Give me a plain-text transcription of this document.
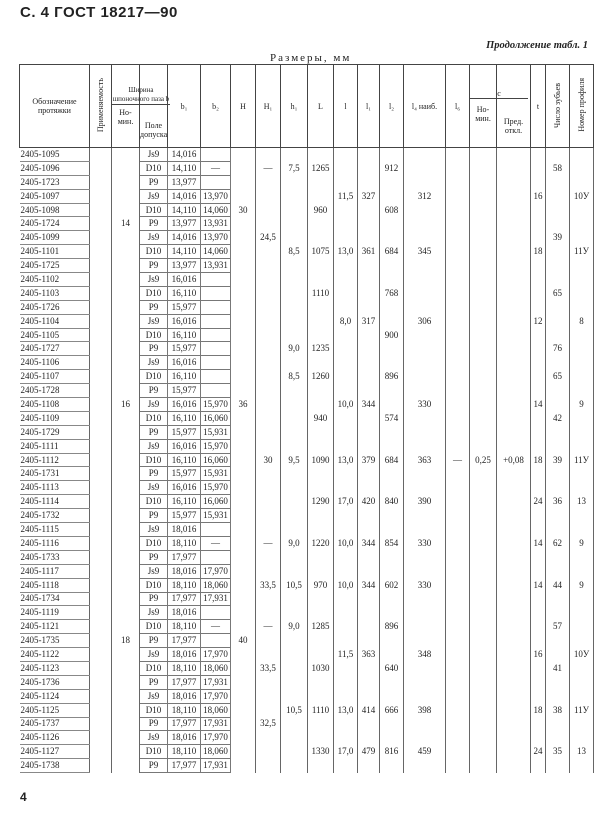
С. 4 ГОСТ 18217—90
Продолжение табл. 1
Размеры, мм
Обозначение протяжки	Применяемость	Ширина шпоночного паза b
Но-мин.	Поле допуска	b₁	b₂	H	H₁	h₁	L	l	l₁	l₂	l₄ наиб.	l₆	c
Но-мин.	Пред. откл.	t	Число зубьев	Номер профиля
2405-1095			Js9	14,016															
2405-1096			D10	14,110	—		—	7,5	1265			912						58	
2405-1723			P9	13,977															
2405-1097			Js9	14,016	13,970					11,5	327		312				16		10У
2405-1098			D10	14,110	14,060	30			960			608							
2405-1724		14	P9	13,977	13,931														
2405-1099			Js9	14,016	13,970		24,5											39	
2405-1101			D10	14,110	14,060			8,5	1075	13,0	361	684	345				18		11У
2405-1725			P9	13,977	13,931														
2405-1102			Js9	16,016															
2405-1103			D10	16,110					1110			768						65	
2405-1726			P9	15,977															
2405-1104			Js9	16,016						8,0	317		306				12		8
2405-1105			D10	16,110								900							
2405-1727			P9	15,977				9,0	1235									76	
2405-1106			Js9	16,016															
2405-1107			D10	16,110				8,5	1260			896						65	
2405-1728			P9	15,977															
2405-1108		16	Js9	16,016	15,970	36				10,0	344		330				14		9
2405-1109			D10	16,110	16,060				940			574						42	
2405-1729			P9	15,977	15,931														
2405-1111			Js9	16,016	15,970														
2405-1112			D10	16,110	16,060		30	9,5	1090	13,0	379	684	363	—	0,25	+0,08	18	39	11У
2405-1731			P9	15,977	15,931														
2405-1113			Js9	16,016	15,970														
2405-1114			D10	16,110	16,060				1290	17,0	420	840	390				24	36	13
2405-1732			P9	15,977	15,931														
2405-1115			Js9	18,016															
2405-1116			D10	18,110	—		—	9,0	1220	10,0	344	854	330				14	62	9
2405-1733			P9	17,977															
2405-1117			Js9	18,016	17,970														
2405-1118			D10	18,110	18,060		33,5	10,5	970	10,0	344	602	330				14	44	9
2405-1734			P9	17,977	17,931														
2405-1119			Js9	18,016															
2405-1121			D10	18,110	—		—	9,0	1285			896						57	
2405-1735		18	P9	17,977		40													
2405-1122			Js9	18,016	17,970					11,5	363		348				16		10У
2405-1123			D10	18,110	18,060		33,5		1030			640						41	
2405-1736			P9	17,977	17,931														
2405-1124			Js9	18,016	17,970														
2405-1125			D10	18,110	18,060			10,5	1110	13,0	414	666	398				18	38	11У
2405-1737			P9	17,977	17,931		32,5												
2405-1126			Js9	18,016	17,970														
2405-1127			D10	18,110	18,060				1330	17,0	479	816	459				24	35	13
2405-1738			P9	17,977	17,931														
4
